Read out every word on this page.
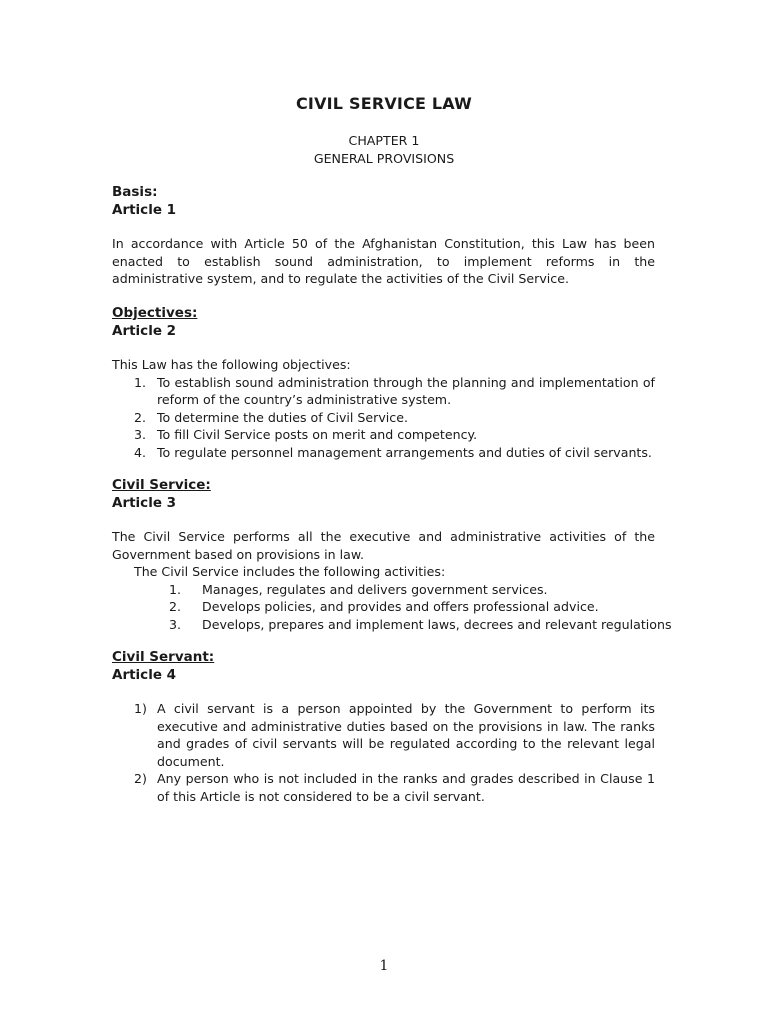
CIVIL SERVICE LAW
CHAPTER 1
GENERAL PROVISIONS
Basis:
Article 1
In accordance with Article 50 of the Afghanistan Constitution, this Law has been enacted to establish sound administration, to implement reforms in the administrative system, and to regulate the activities of the Civil Service.
Objectives:
Article 2
This Law has the following objectives:
1. To establish sound administration through the planning and implementation of reform of the country’s administrative system.
2. To determine the duties of Civil Service.
3. To fill Civil Service posts on merit and competency.
4. To regulate personnel management arrangements and duties of civil servants.
Civil Service:
Article 3
The Civil Service performs all the executive and administrative activities of the Government based on provisions in law.
The Civil Service includes the following activities:
1. Manages, regulates and delivers government services.
2. Develops policies, and provides and offers professional advice.
3. Develops, prepares and implement laws, decrees and relevant regulations
Civil Servant:
Article 4
1) A civil servant is a person appointed by the Government to perform its executive and administrative duties based on the provisions in law. The ranks and grades of civil servants will be regulated according to the relevant legal document.
2) Any person who is not included in the ranks and grades described in Clause 1 of this Article is not considered to be a civil servant.
1
